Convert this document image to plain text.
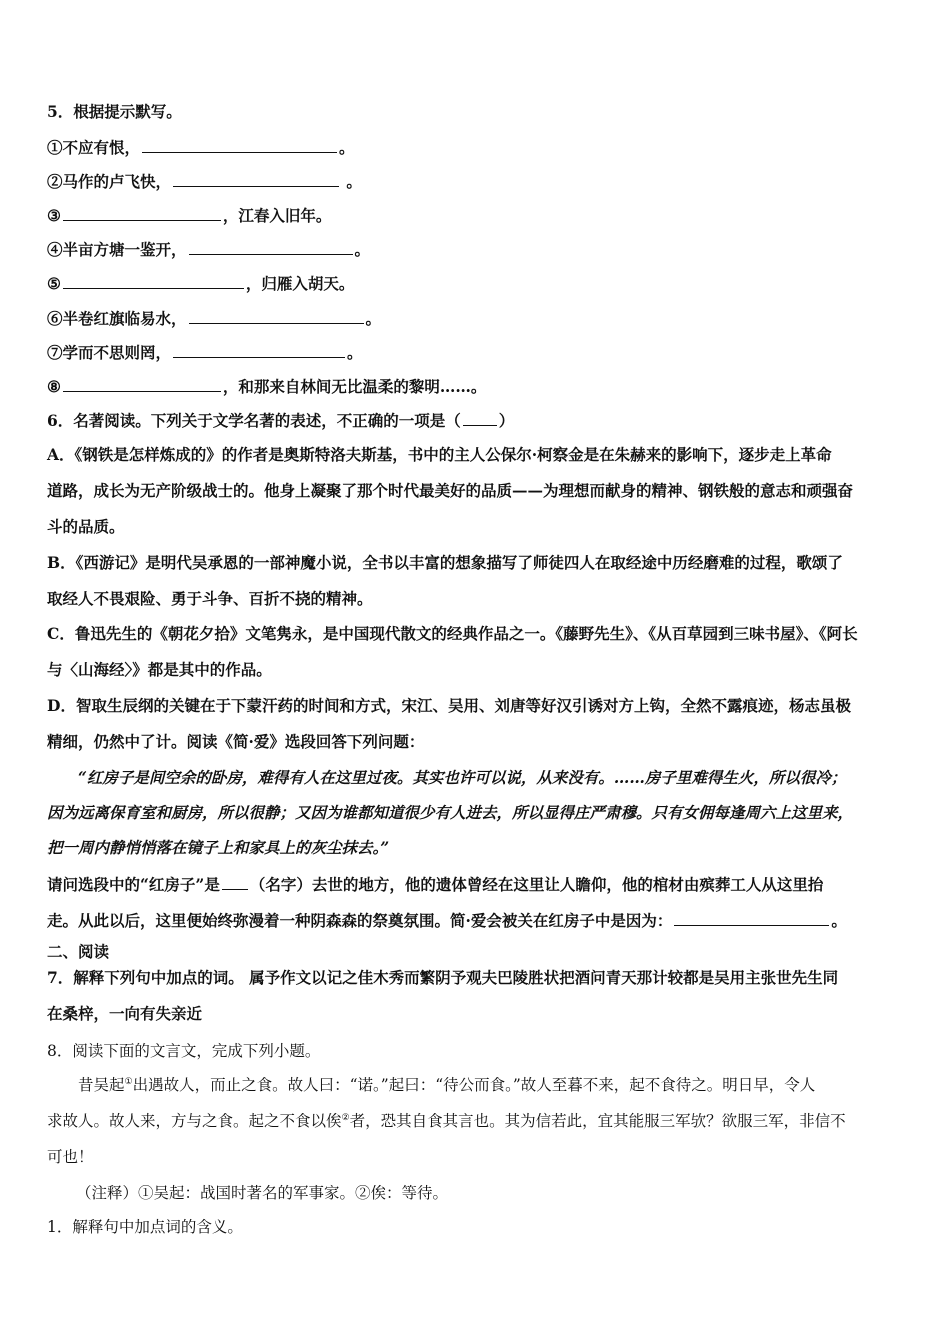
5．根据提示默写。
①不应有恨，	。
②马作的卢飞快，	。
③	，江春入旧年。
④半亩方塘一鉴开，	。
⑤	，归雁入胡天。
⑥半卷红旗临易水，	。
⑦学而不思则罔，	。
⑧	，和那来自林间无比温柔的黎明……。
6．名著阅读。下列关于文学名著的表述，不正确的一项是（ ）
A．《钢铁是怎样炼成的》的作者是奥斯特洛夫斯基，书中的主人公保尔·柯察金是在朱赫来的影响下，逐步走上革命
道路，成长为无产阶级战士的。他身上凝聚了那个时代最美好的品质——为理想而献身的精神、钢铁般的意志和顽强奋
斗的品质。
B．《西游记》是明代吴承恩的一部神魔小说，全书以丰富的想象描写了师徒四人在取经途中历经磨难的过程，歌颂了
取经人不畏艰险、勇于斗争、百折不挠的精神。
C．鲁迅先生的《朝花夕拾》文笔隽永，是中国现代散文的经典作品之一。《藤野先生》、《从百草园到三味书屋》、《阿长
与〈山海经〉》都是其中的作品。
D．智取生辰纲的关键在于下蒙汗药的时间和方式，宋江、吴用、刘唐等好汉引诱对方上钩，全然不露痕迹，杨志虽极
精细，仍然中了计。阅读《简·爱》选段回答下列问题：
“红房子是间空余的卧房，难得有人在这里过夜。其实也许可以说，从来没有。……房子里难得生火，所以很冷；
因为远离保育室和厨房，所以很静；又因为谁都知道很少有人进去，所以显得庄严肃穆。只有女佣每逢周六上这里来，
把一周内静悄悄落在镜子上和家具上的灰尘抹去。”
请问选段中的“红房子”是 （名字）去世的地方，他的遗体曾经在这里让人瞻仰，他的棺材由殡葬工人从这里抬
走。从此以后，这里便始终弥漫着一种阴森森的祭奠氛围。简·爱会被关在红房子中是因为：	。
二、阅读
7．解释下列句中加点的词。 属予作文以记之佳木秀而繁阴予观夫巴陵胜状把酒问青天那计较都是吴用主张世先生同
在桑梓，一向有失亲近
8．阅读下面的文言文，完成下列小题。
昔吴起①出遇故人，而止之食。故人曰：“诺。”起曰：“待公而食。”故人至暮不来，起不食待之。明日早，令人
求故人。故人来，方与之食。起之不食以俟②者，恐其自食其言也。其为信若此，宜其能服三军欤？欲服三军，非信不
可也！
（注释）①吴起：战国时著名的军事家。②俟：等待。
1．解释句中加点词的含义。
